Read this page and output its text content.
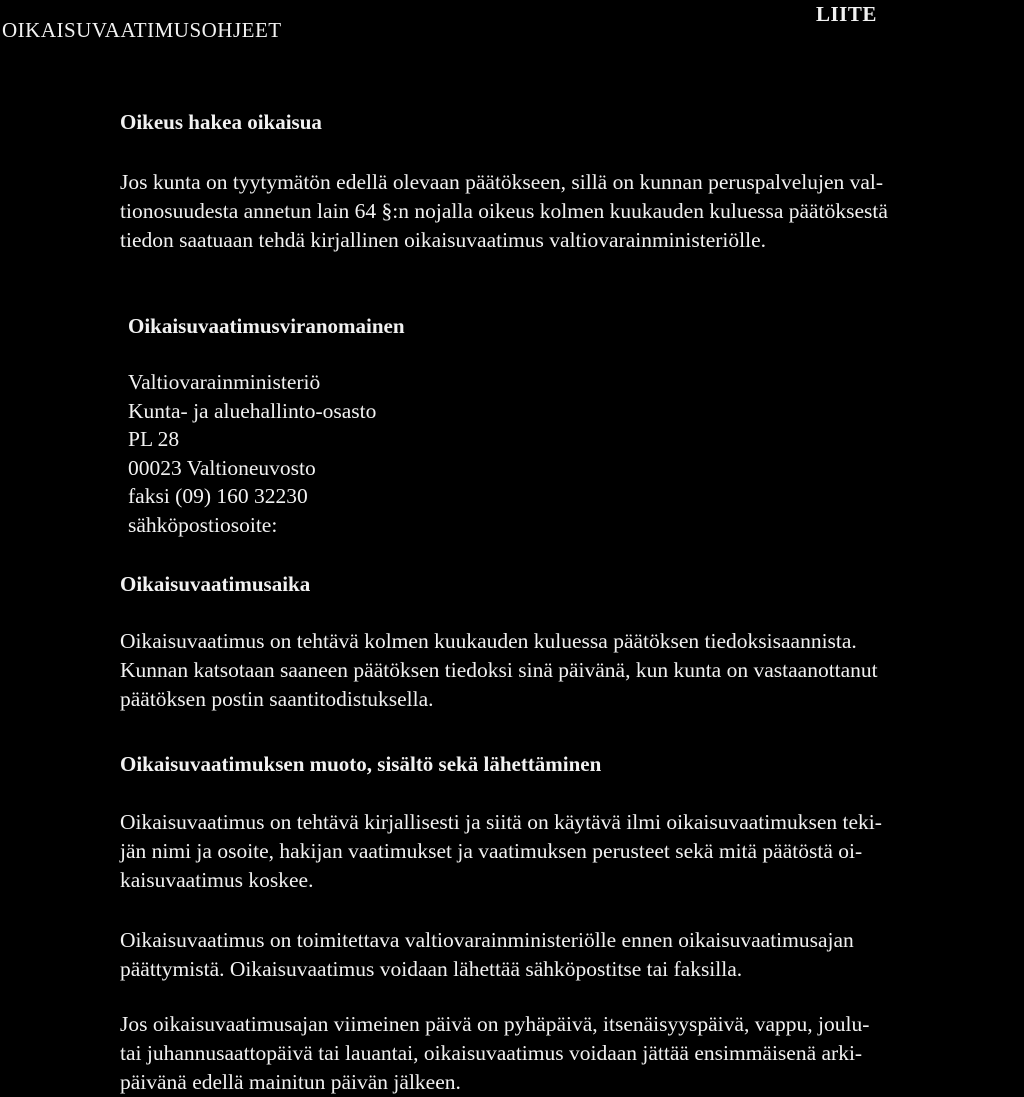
OIKAISUVAATIMUSOHJEET
LIITE
Oikeus hakea oikaisua
Jos kunta on tyytymätön edellä olevaan päätökseen, sillä on kunnan peruspalvelujen val-
tionosuudesta annetun lain 64 §:n nojalla oikeus kolmen kuukauden kuluessa päätöksestä
tiedon saatuaan tehdä kirjallinen oikaisuvaatimus valtiovarainministeriölle.
Oikaisuvaatimusviranomainen
Valtiovarainministeriö
Kunta- ja aluehallinto-osasto
PL 28
00023 Valtioneuvosto
faksi (09) 160 32230
sähköpostiosoite:
Oikaisuvaatimusaika
Oikaisuvaatimus on tehtävä kolmen kuukauden kuluessa päätöksen tiedoksisaannista.
Kunnan katsotaan saaneen päätöksen tiedoksi sinä päivänä, kun kunta on vastaanottanut
päätöksen postin saantitodistuksella.
Oikaisuvaatimuksen muoto, sisältö sekä lähettäminen
Oikaisuvaatimus on tehtävä kirjallisesti ja siitä on käytävä ilmi oikaisuvaatimuksen teki-
jän nimi ja osoite, hakijan vaatimukset ja vaatimuksen perusteet sekä mitä päätöstä oi-
kaisuvaatimus koskee.
Oikaisuvaatimus on toimitettava valtiovarainministeriölle ennen oikaisuvaatimusajan
päättymistä. Oikaisuvaatimus voidaan lähettää sähköpostitse tai faksilla.
Jos oikaisuvaatimusajan viimeinen päivä on pyhäpäivä, itsenäisyyspäivä, vappu, joulu-
tai juhannusaattopäivä tai lauantai, oikaisuvaatimus voidaan jättää ensimmäisenä arki-
päivänä edellä mainitun päivän jälkeen.
